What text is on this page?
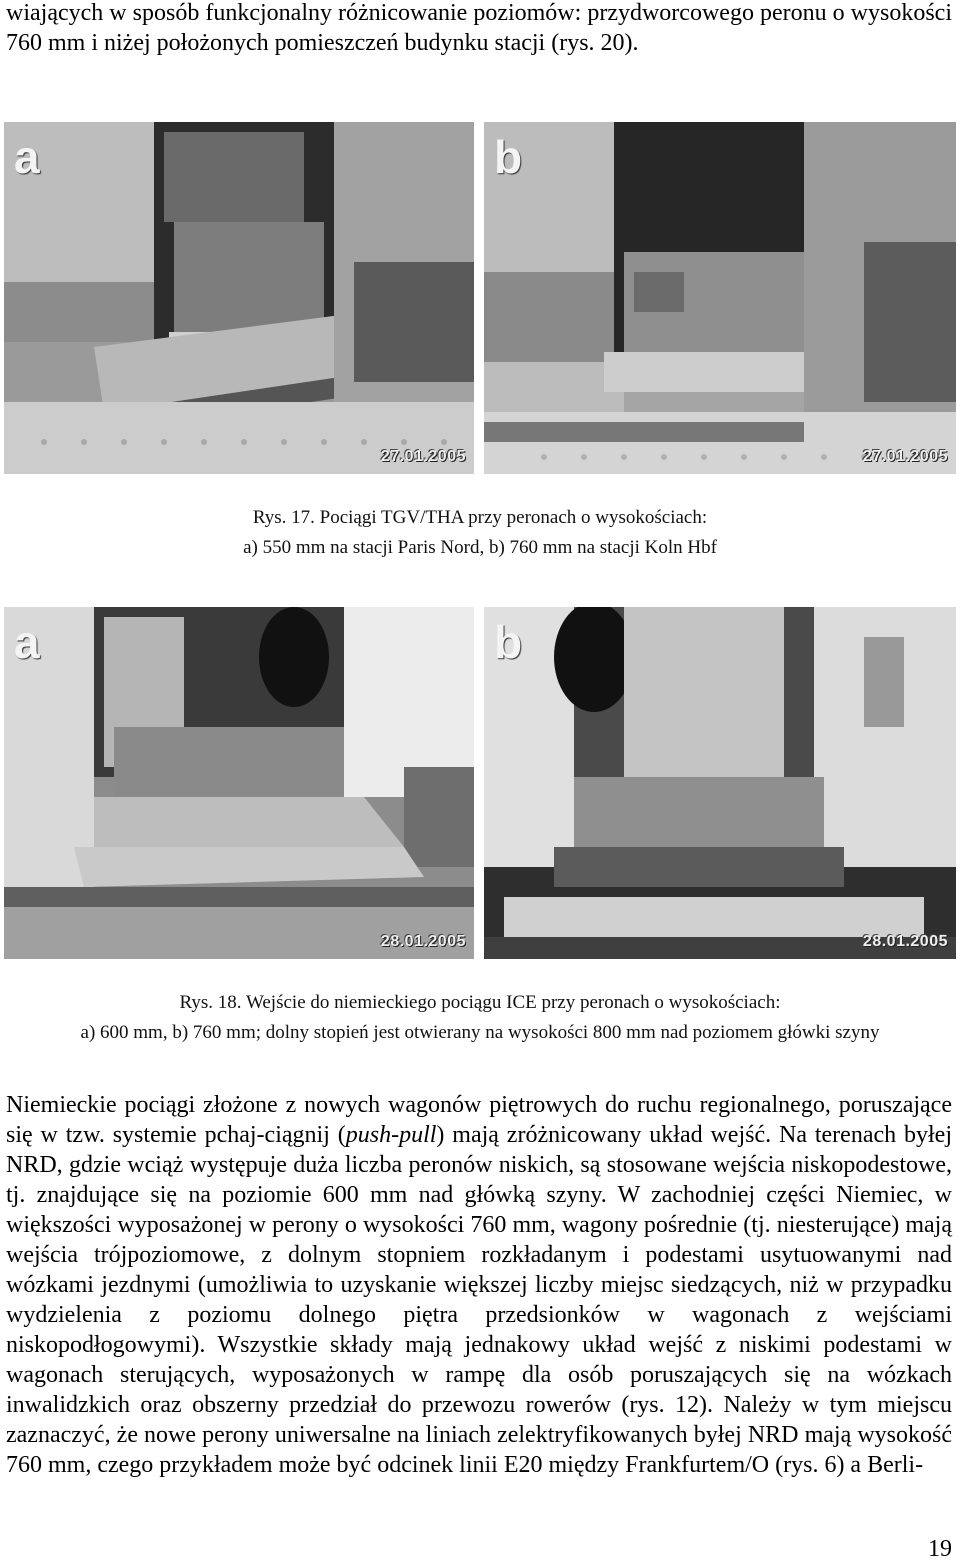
wiających w sposób funkcjonalny różnicowanie poziomów: przydworcowego peronu o wysokości 760 mm i niżej położonych pomieszczeń budynku stacji (rys. 20).

a
27.01.2005
b
27.01.2005
Rys. 17. Pociągi TGV/THA przy peronach o wysokościach:
a) 550 mm na stacji Paris Nord, b) 760 mm na stacji Koln Hbf
a
28.01.2005
b
28.01.2005
Rys. 18. Wejście do niemieckiego pociągu ICE przy peronach o wysokościach:
a) 600 mm, b) 760 mm; dolny stopień jest otwierany na wysokości 800 mm nad poziomem główki szyny

Niemieckie pociągi złożone z nowych wagonów piętrowych do ruchu regionalnego, poruszające się w tzw. systemie pchaj-ciągnij (push-pull) mają zróżnicowany układ wejść. Na terenach byłej NRD, gdzie wciąż występuje duża liczba peronów niskich, są stosowane wejścia niskopodestowe, tj. znajdujące się na poziomie 600 mm nad główką szyny. W zachodniej części Niemiec, w większości wyposażonej w perony o wysokości 760 mm, wagony pośrednie (tj. niesterujące) mają wejścia trójpoziomowe, z dolnym stopniem rozkładanym i podestami usytuowanymi nad wózkami jezdnymi (umożliwia to uzyskanie większej liczby miejsc siedzących, niż w przypadku wydzielenia z poziomu dolnego piętra przedsionków w wagonach z wejściami niskopodłogowymi). Wszystkie składy mają jednakowy układ wejść z niskimi podestami w wagonach sterujących, wyposażonych w rampę dla osób poruszających się na wózkach inwalidzkich oraz obszerny przedział do przewozu rowerów (rys. 12). Należy w tym miejscu zaznaczyć, że nowe perony uniwersalne na liniach zelektryfikowanych byłej NRD mają wysokość 760 mm, czego przykładem może być odcinek linii E20 między Frankfurtem/O (rys. 6) a Berli-

19
